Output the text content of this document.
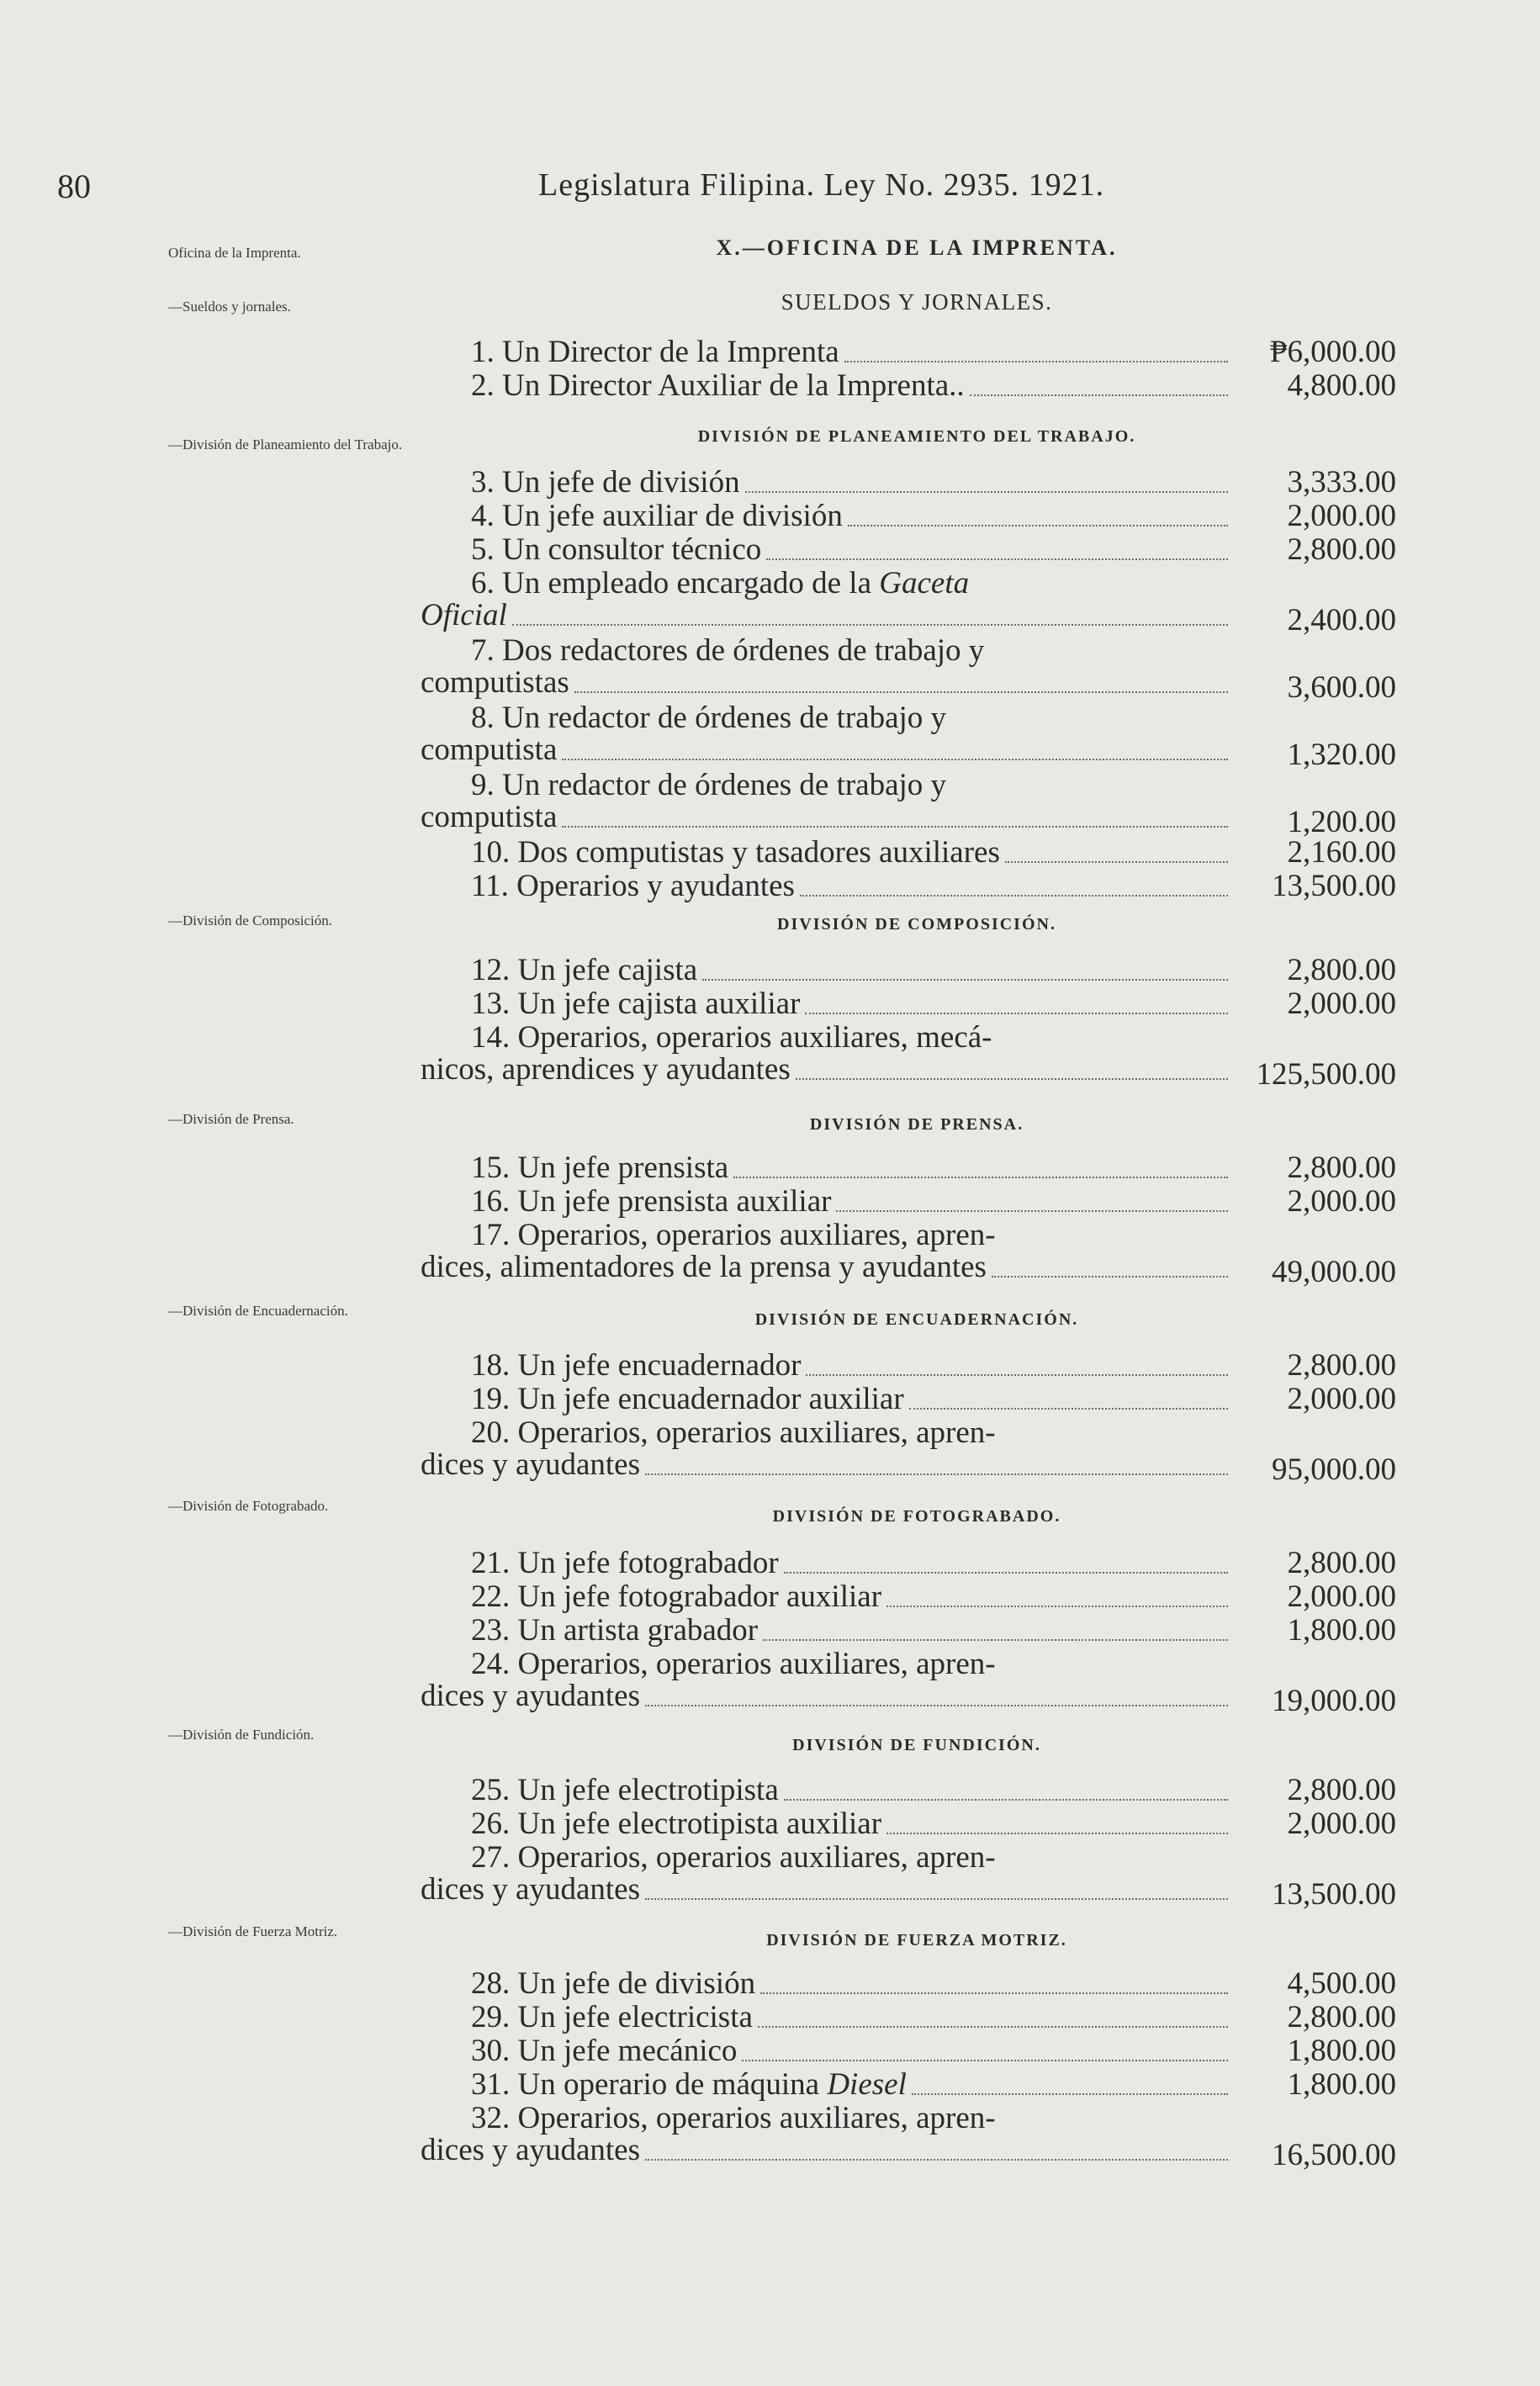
80	Legislatura Filipina. Ley No. 2935. 1921.
Oficina de la Imprenta.
—Sueldos y jornales.
—División de Planeamiento del Trabajo.
—División de Composición.
—División de Prensa.
—División de Encuadernación.
—División de Fotograbado.
—División de Fundición.
—División de Fuerza Motriz.
X.—OFICINA DE LA IMPRENTA.
SUELDOS Y JORNALES.
DIVISIÓN DE PLANEAMIENTO DEL TRABAJO.
DIVISIÓN DE COMPOSICIÓN.
DIVISIÓN DE PRENSA.
DIVISIÓN DE ENCUADERNACIÓN.
DIVISIÓN DE FOTOGRABADO.
DIVISIÓN DE FUNDICIÓN.
DIVISIÓN DE FUERZA MOTRIZ.
1. Un Director de la Imprenta	₱6,000.00
2. Un Director Auxiliar de la Imprenta..	4,800.00
3. Un jefe de división	3,333.00
4. Un jefe auxiliar de división	2,000.00
5. Un consultor técnico	2,800.00
6. Un empleado encargado de la Gaceta
Oficial	2,400.00
7. Dos redactores de órdenes de trabajo y
computistas	3,600.00
8. Un redactor de órdenes de trabajo y
computista	1,320.00
9. Un redactor de órdenes de trabajo y
computista	1,200.00
10. Dos computistas y tasadores auxiliares	2,160.00
11. Operarios y ayudantes	13,500.00
12. Un jefe cajista	2,800.00
13. Un jefe cajista auxiliar	2,000.00
14. Operarios, operarios auxiliares, mecá-
nicos, aprendices y ayudantes	125,500.00
15. Un jefe prensista	2,800.00
16. Un jefe prensista auxiliar	2,000.00
17. Operarios, operarios auxiliares, apren-
dices, alimentadores de la prensa y ayudantes	49,000.00
18. Un jefe encuadernador	2,800.00
19. Un jefe encuadernador auxiliar	2,000.00
20. Operarios, operarios auxiliares, apren-
dices y ayudantes	95,000.00
21. Un jefe fotograbador	2,800.00
22. Un jefe fotograbador auxiliar	2,000.00
23. Un artista grabador	1,800.00
24. Operarios, operarios auxiliares, apren-
dices y ayudantes	19,000.00
25. Un jefe electrotipista	2,800.00
26. Un jefe electrotipista auxiliar	2,000.00
27. Operarios, operarios auxiliares, apren-
dices y ayudantes	13,500.00
28. Un jefe de división	4,500.00
29. Un jefe electricista	2,800.00
30. Un jefe mecánico	1,800.00
31. Un operario de máquina Diesel	1,800.00
32. Operarios, operarios auxiliares, apren-
dices y ayudantes	16,500.00
